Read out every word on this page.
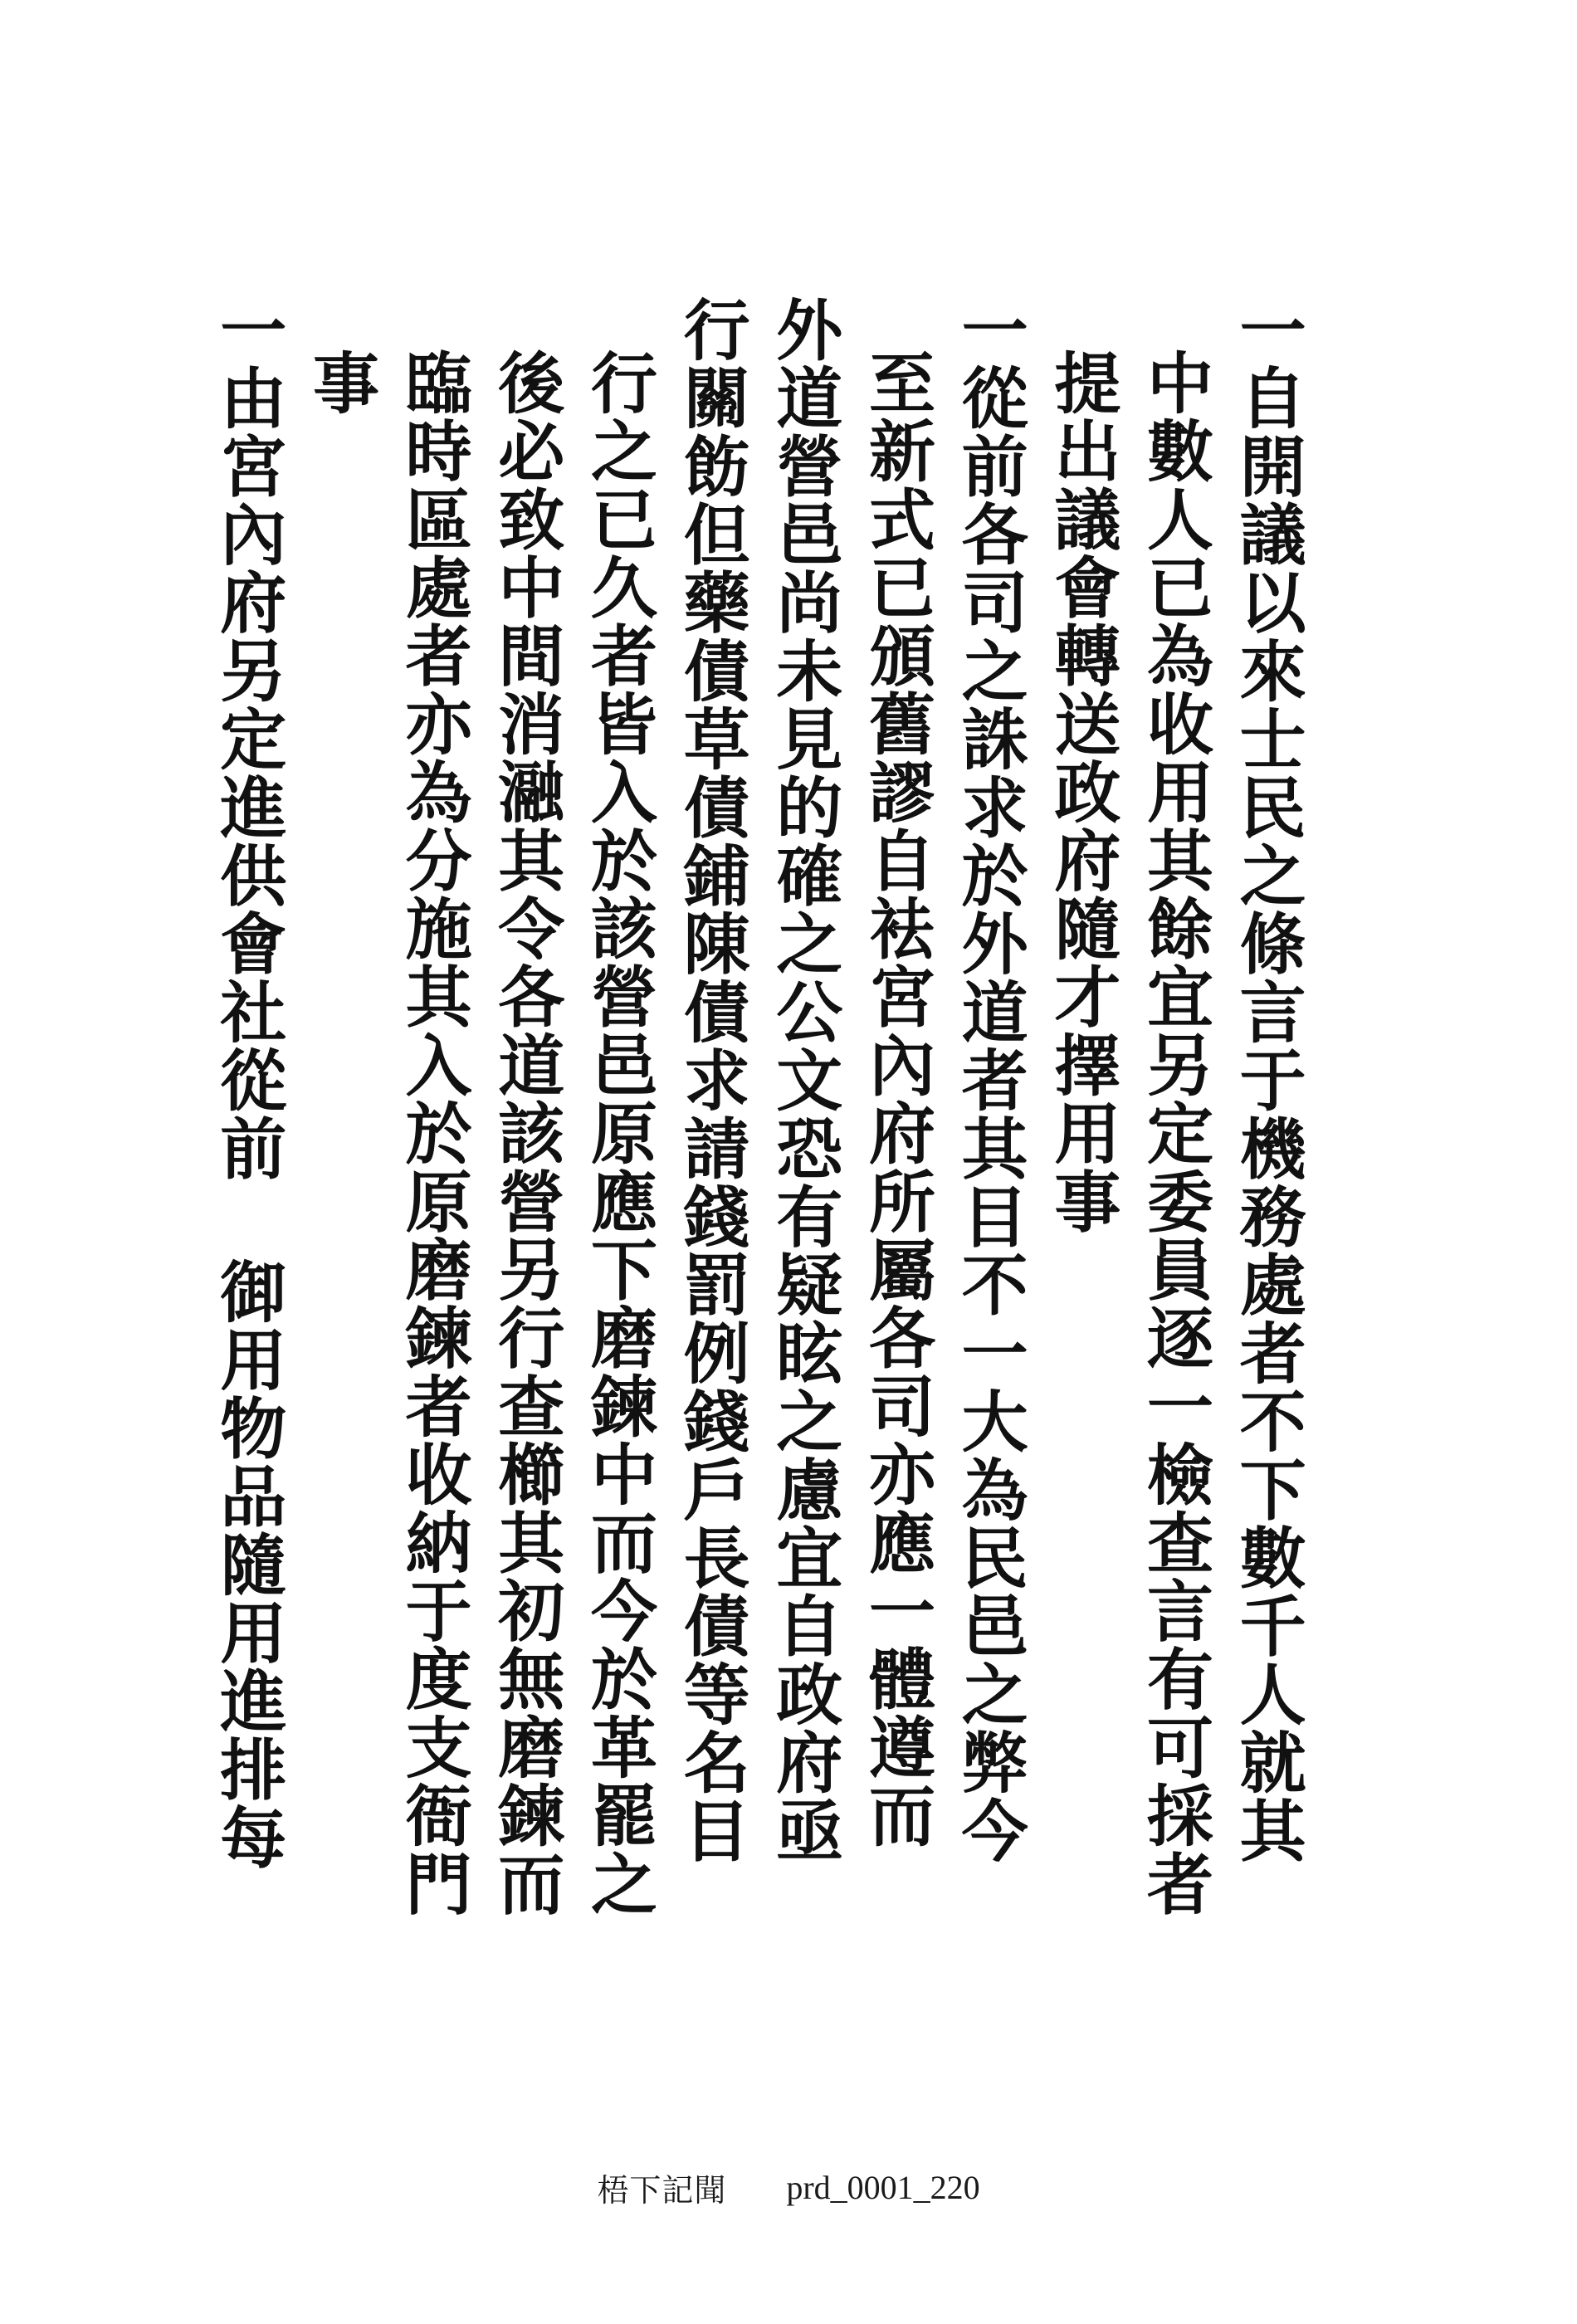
一自開議以來士民之條言于機務處者不下數千人就其
中數人已為收用其餘宜另定委員逐一檢查言有可採者
提出議會轉送政府隨才擇用事
一從前各司之誅求於外道者其目不一大為民邑之弊今
至新式已頒舊謬自袪宮內府所屬各司亦應一體遵而
外道營邑尚未見的確之公文恐有疑眩之慮宜自政府亟
行關飭但藥債草債鋪陳債求請錢罰例錢戶長債等名目
行之已久者皆入於該營邑原應下磨鍊中而今於革罷之
後必致中間消瀜其令各道該營另行查櫛其初無磨鍊而
臨時區處者亦為分施其入於原磨鍊者收納于度支衙門
事
一由宮內府另定進供會社從前
御用物品隨用進排每
梧下記聞 prd_0001_220
